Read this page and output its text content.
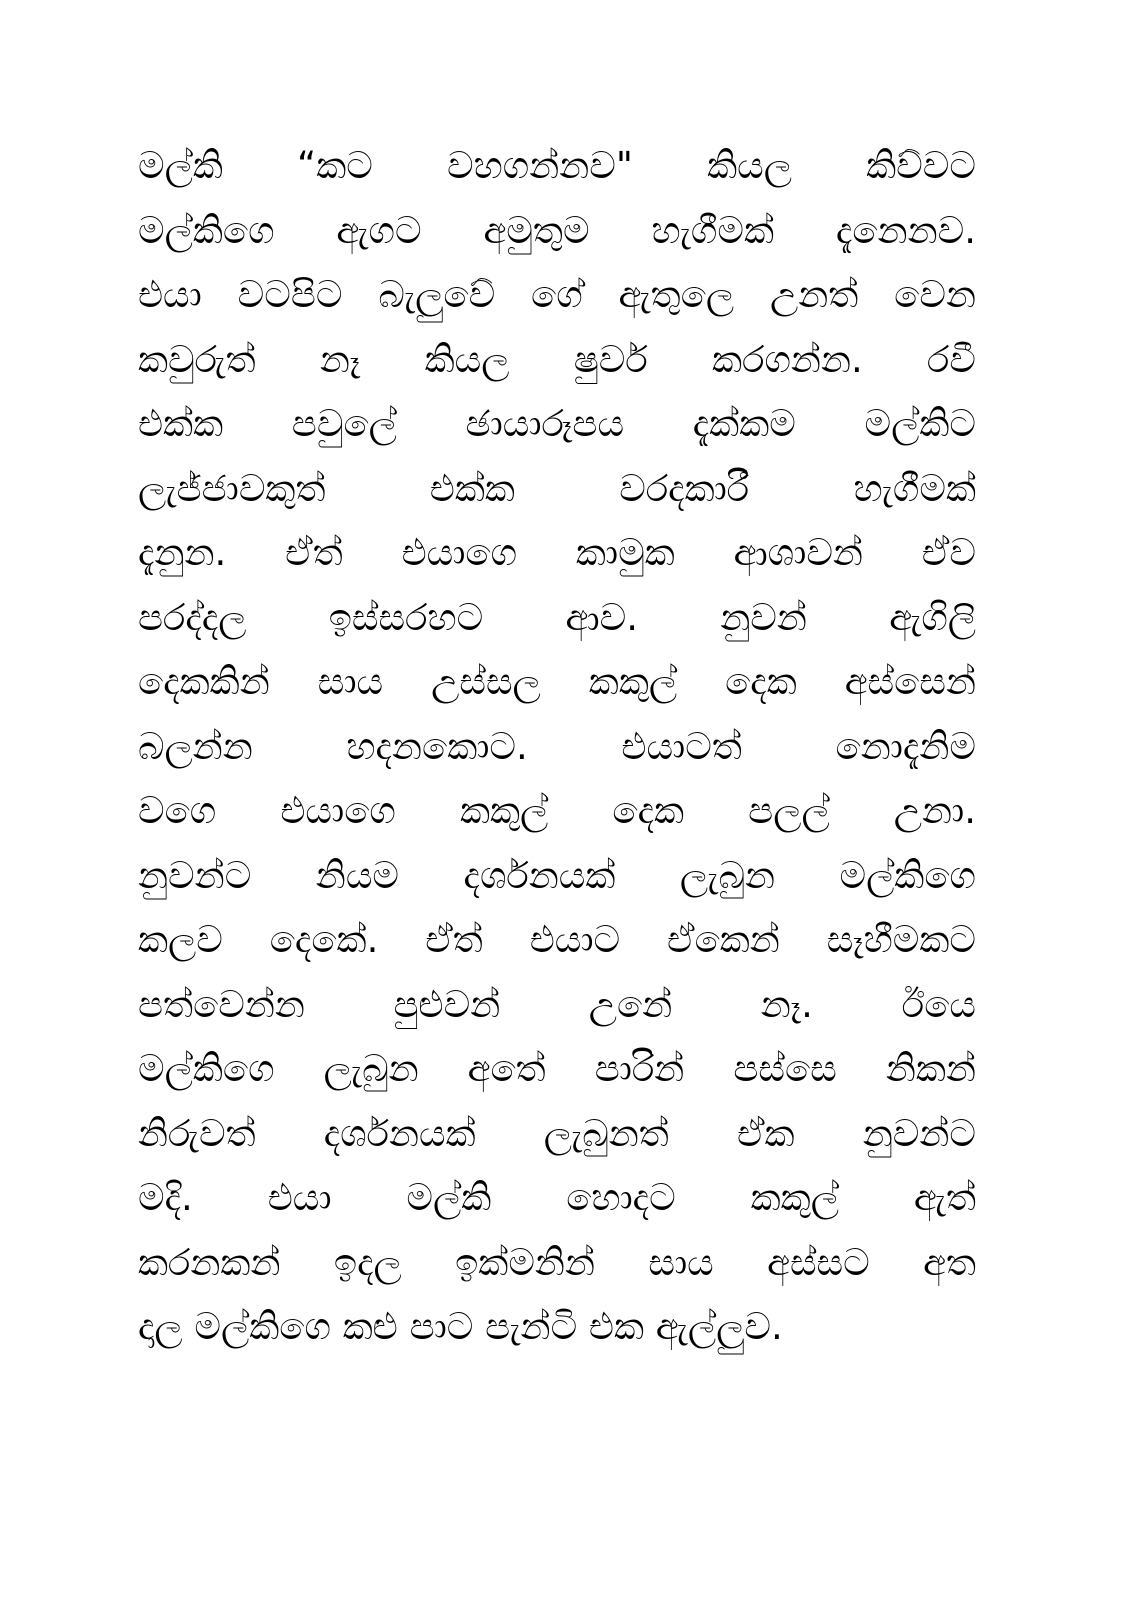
මල්කි “කට වහගන්නව" කියල කිව්වට
මල්කිගෙ ඇගට අමුතුම හැගීමක් දැනෙනව.
එයා වටපිට බැලුවේ ගේ ඇතුලෙ උනත් වෙන
කවුරුත් නෑ කියල ෂුවර් කරගන්න. රවී
එක්ක පවුලේ ඡායාරූපය දැක්කම මල්කිට
ලැජ්ජාවකුත් එක්ක වරදකාරී හැගීමක්
දැනුන. ඒත් එයාගෙ කාමුක ආශාවන් ඒව
පරද්දල ඉස්සරහට ආව. නුවන් ඇගිලි
දෙකකින් සාය උස්සල කකුල් දෙක අස්සෙන්
බලන්න හදනකොට. එයාටත් නොදැනිම
වගෙ එයාගෙ කකුල් දෙක පලල් උනා.
නුවන්ට නියම දර්ශනයක් ලැබුන මල්කිගෙ
කලව දෙකේ. ඒත් එයාට ඒකෙන් සෑහීමකට
පත්වෙන්න පුළුවන් උනේ නෑ. ඊයෙ
මල්කිගෙ ලැබුන අතේ පාරින් පස්සෙ නිකන්
නිරුවත් දර්ශනයක් ලැබුනත් ඒක නුවන්ට
මදි. එයා මල්කි හොදට කකුල් ඇත්
කරනකන් ඉදල ඉක්මනින් සාය අස්සට අත
දාල මල්කිගෙ කළු පාට පැන්ටි එක ඇල්ලුව.
